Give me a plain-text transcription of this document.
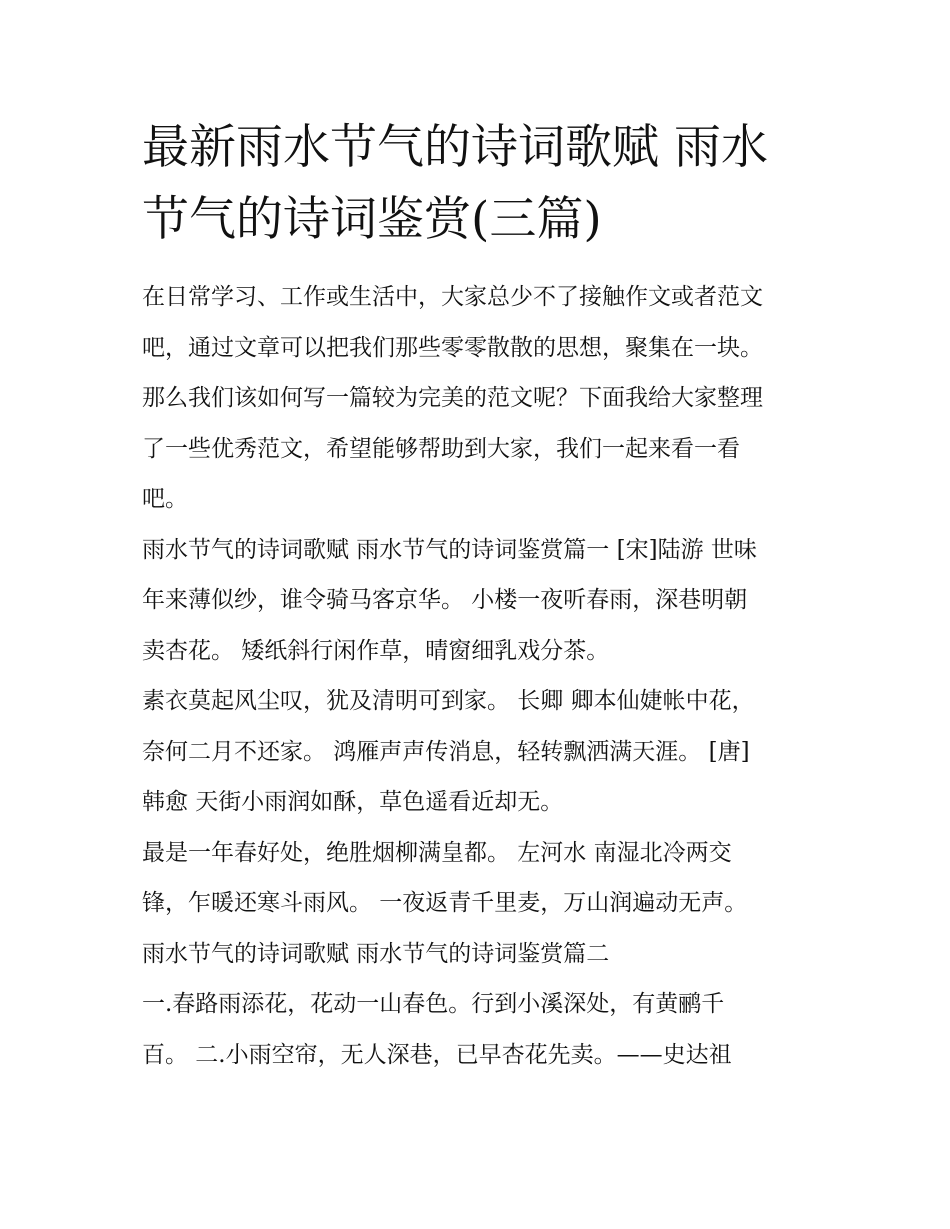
最新雨水节气的诗词歌赋 雨水
节气的诗词鉴赏(三篇)
在日常学习、工作或生活中，大家总少不了接触作文或者范文
吧，通过文章可以把我们那些零零散散的思想，聚集在一块。
那么我们该如何写一篇较为完美的范文呢？下面我给大家整理
了一些优秀范文，希望能够帮助到大家，我们一起来看一看
吧。
雨水节气的诗词歌赋 雨水节气的诗词鉴赏篇一 [宋]陆游 世味
年来薄似纱，谁令骑马客京华。 小楼一夜听春雨，深巷明朝
卖杏花。 矮纸斜行闲作草，晴窗细乳戏分茶。
素衣莫起风尘叹，犹及清明可到家。 长卿 卿本仙婕帐中花，
奈何二月不还家。 鸿雁声声传消息，轻转飘洒满天涯。 [唐]
韩愈 天街小雨润如酥，草色遥看近却无。
最是一年春好处，绝胜烟柳满皇都。 左河水 南湿北冷两交
锋，乍暖还寒斗雨风。 一夜返青千里麦，万山润遍动无声。
雨水节气的诗词歌赋 雨水节气的诗词鉴赏篇二
一.春路雨添花，花动一山春色。行到小溪深处，有黄鹂千
百。 二.小雨空帘，无人深巷，已早杏花先卖。——史达祖
